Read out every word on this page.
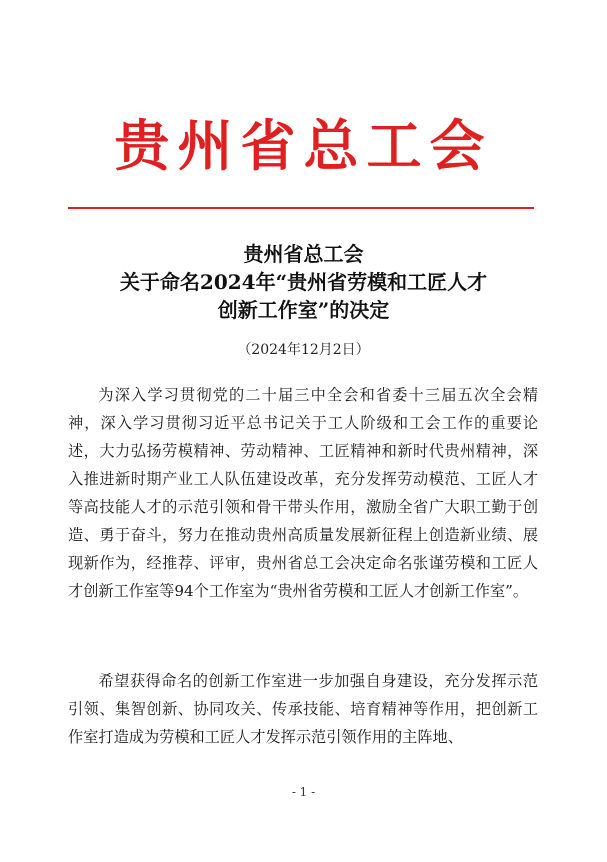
贵州省总工会
贵州省总工会
关于命名2024年“贵州省劳模和工匠人才
创新工作室”的决定
（2024年12月2日）

为深入学习贯彻党的二十届三中全会和省委十三届五次全会精神，深入学习贯彻习近平总书记关于工人阶级和工会工作的重要论述，大力弘扬劳模精神、劳动精神、工匠精神和新时代贵州精神，深入推进新时期产业工人队伍建设改革，充分发挥劳动模范、工匠人才等高技能人才的示范引领和骨干带头作用，激励全省广大职工勤于创造、勇于奋斗，努力在推动贵州高质量发展新征程上创造新业绩、展现新作为，经推荐、评审，贵州省总工会决定命名张谨劳模和工匠人才创新工作室等94个工作室为“贵州省劳模和工匠人才创新工作室”。

希望获得命名的创新工作室进一步加强自身建设，充分发挥示范引领、集智创新、协同攻关、传承技能、培育精神等作用，把创新工作室打造成为劳模和工匠人才发挥示范引领作用的主阵地、

- 1 -
